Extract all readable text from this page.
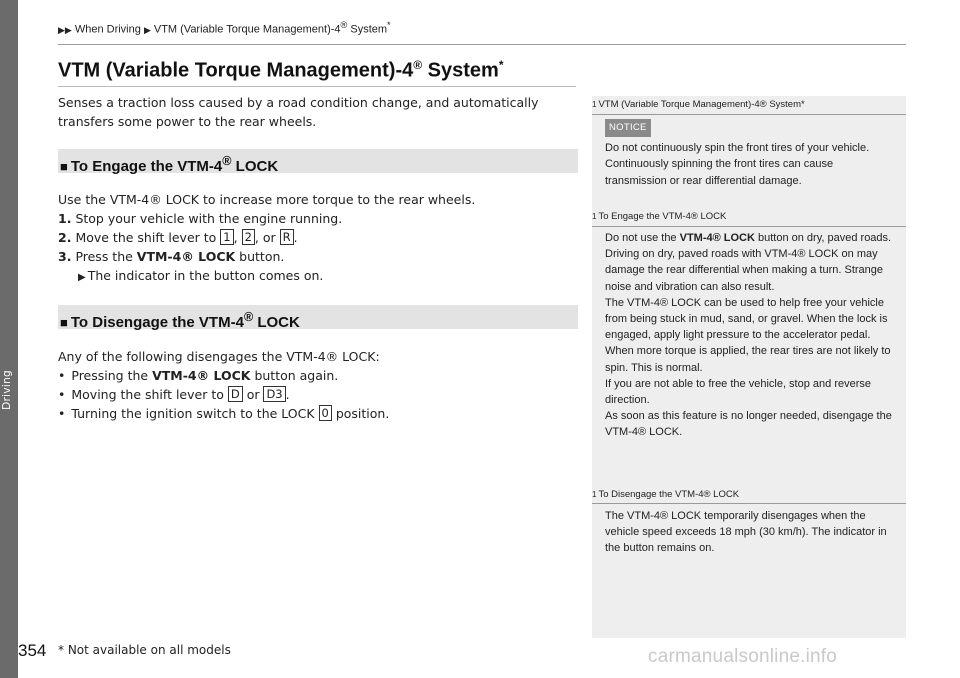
Driving
▶▶ When Driving ▶ VTM (Variable Torque Management)-4® System*
VTM (Variable Torque Management)-4® System*

Senses a traction loss caused by a road condition change, and automatically transfers some power to the rear wheels.

■ To Engage the VTM-4® LOCK

Use the VTM-4® LOCK to increase more torque to the rear wheels.

1. Stop your vehicle with the engine running.

2. Move the shift lever to 1 , 2 , or R .

3. Press the VTM-4® LOCK button.

▶ The indicator in the button comes on.

■ To Disengage the VTM-4® LOCK

Any of the following disengages the VTM-4® LOCK:

• Pressing the VTM-4® LOCK button again.

• Moving the shift lever to D or D3 .

• Turning the ignition switch to the LOCK 0 position.

1 VTM (Variable Torque Management)-4® System*
NOTICE

Do not continuously spin the front tires of your vehicle. Continuously spinning the front tires can cause transmission or rear differential damage.

1 To Engage the VTM-4® LOCK

Do not use the VTM-4® LOCK button on dry, paved roads. Driving on dry, paved roads with VTM-4® LOCK on may damage the rear differential when making a turn. Strange noise and vibration can also result.

The VTM-4® LOCK can be used to help free your vehicle from being stuck in mud, sand, or gravel. When the lock is engaged, apply light pressure to the accelerator pedal.

When more torque is applied, the rear tires are not likely to spin. This is normal.

If you are not able to free the vehicle, stop and reverse direction.

As soon as this feature is no longer needed, disengage the VTM-4® LOCK.

1 To Disengage the VTM-4® LOCK

The VTM-4® LOCK temporarily disengages when the vehicle speed exceeds 18 mph (30 km/h). The indicator in the button remains on.

354 * Not available on all models	carmanualsonline.info
